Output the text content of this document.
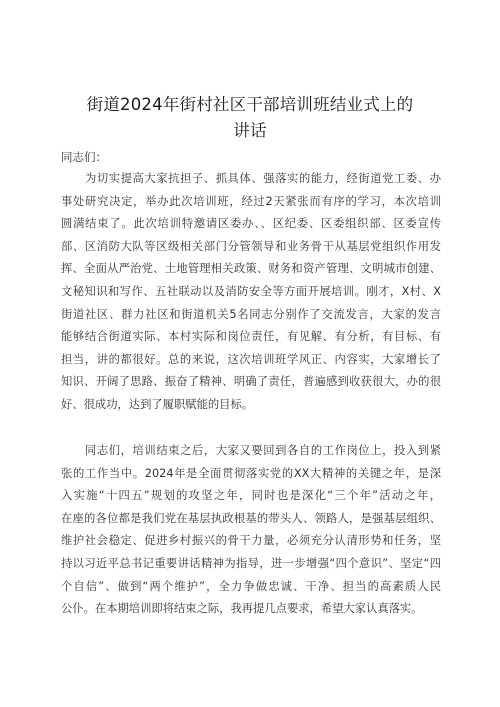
街道2024年街村社区干部培训班结业式上的
讲话
同志们：
为切实提高大家抗担子、抓具体、强落实的能力，经街道党工委、办
事处研究决定，举办此次培训班，经过2天紧张而有序的学习，本次培训
圆满结束了。此次培训特邀请区委办、、区纪委、区委组织部、区委宣传
部、区消防大队等区级相关部门分管领导和业务骨干从基层党组织作用发
挥、全面从严治党、土地管理相关政策、财务和资产管理、文明城市创建、
文秘知识和写作、五社联动以及消防安全等方面开展培训。刚才，X村、X
街道社区、群力社区和街道机关5名同志分别作了交流发言，大家的发言
能够结合街道实际、本村实际和岗位责任，有见解、有分析，有目标、有
担当，讲的都很好。总的来说，这次培训班学风正、内容实，大家增长了
知识、开阔了思路、振奋了精神、明确了责任，普遍感到收获很大，办的很
好、很成功，达到了履职赋能的目标。
同志们，培训结束之后，大家又要回到各自的工作岗位上，投入到紧
张的工作当中。2024年是全面贯彻落实党的XX大精神的关键之年，是深
入实施“十四五”规划的攻坚之年，同时也是深化“三个年”活动之年，
在座的各位都是我们党在基层执政根基的带头人、领路人，是强基层组织、
维护社会稳定、促进乡村振兴的骨干力量，必须充分认清形势和任务，坚
持以习近平总书记重要讲话精神为指导，进一步增强“四个意识”、坚定“四
个自信”、做到“两个维护”，全力争做忠诚、干净、担当的高素质人民
公仆。在本期培训即将结束之际，我再提几点要求，希望大家认真落实。
